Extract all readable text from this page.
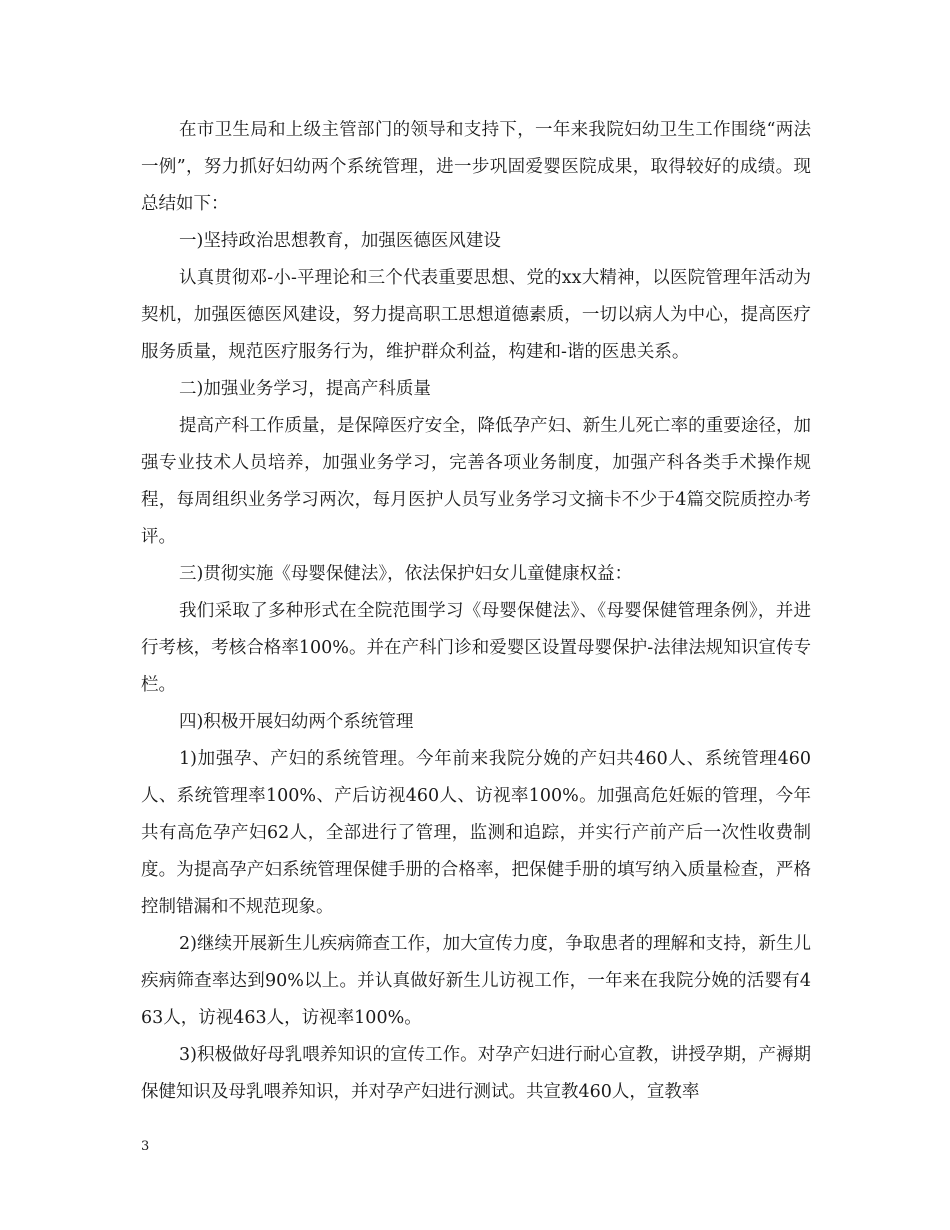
在市卫生局和上级主管部门的领导和支持下，一年来我院妇幼卫生工作围绕“两法一例”，努力抓好妇幼两个系统管理，进一步巩固爱婴医院成果，取得较好的成绩。现总结如下：

一)坚持政治思想教育，加强医德医风建设

认真贯彻邓-小-平理论和三个代表重要思想、党的xx大精神，以医院管理年活动为契机，加强医德医风建设，努力提高职工思想道德素质，一切以病人为中心，提高医疗服务质量，规范医疗服务行为，维护群众利益，构建和-谐的医患关系。

二)加强业务学习，提高产科质量

提高产科工作质量，是保障医疗安全，降低孕产妇、新生儿死亡率的重要途径，加强专业技术人员培养，加强业务学习，完善各项业务制度，加强产科各类手术操作规程，每周组织业务学习两次，每月医护人员写业务学习文摘卡不少于4篇交院质控办考评。

三)贯彻实施《母婴保健法》，依法保护妇女儿童健康权益：

我们采取了多种形式在全院范围学习《母婴保健法》、《母婴保健管理条例》，并进行考核，考核合格率100%。并在产科门诊和爱婴区设置母婴保护-法律法规知识宣传专栏。

四)积极开展妇幼两个系统管理

1)加强孕、产妇的系统管理。今年前来我院分娩的产妇共460人、系统管理460人、系统管理率100%、产后访视460人、访视率100%。加强高危妊娠的管理，今年共有高危孕产妇62人，全部进行了管理，监测和追踪，并实行产前产后一次性收费制度。为提高孕产妇系统管理保健手册的合格率，把保健手册的填写纳入质量检查，严格控制错漏和不规范现象。

2)继续开展新生儿疾病筛查工作，加大宣传力度，争取患者的理解和支持，新生儿疾病筛查率达到90%以上。并认真做好新生儿访视工作，一年来在我院分娩的活婴有463人，访视463人，访视率100%。

3)积极做好母乳喂养知识的宣传工作。对孕产妇进行耐心宣教，讲授孕期，产褥期保健知识及母乳喂养知识，并对孕产妇进行测试。共宣教460人，宣教率

3
